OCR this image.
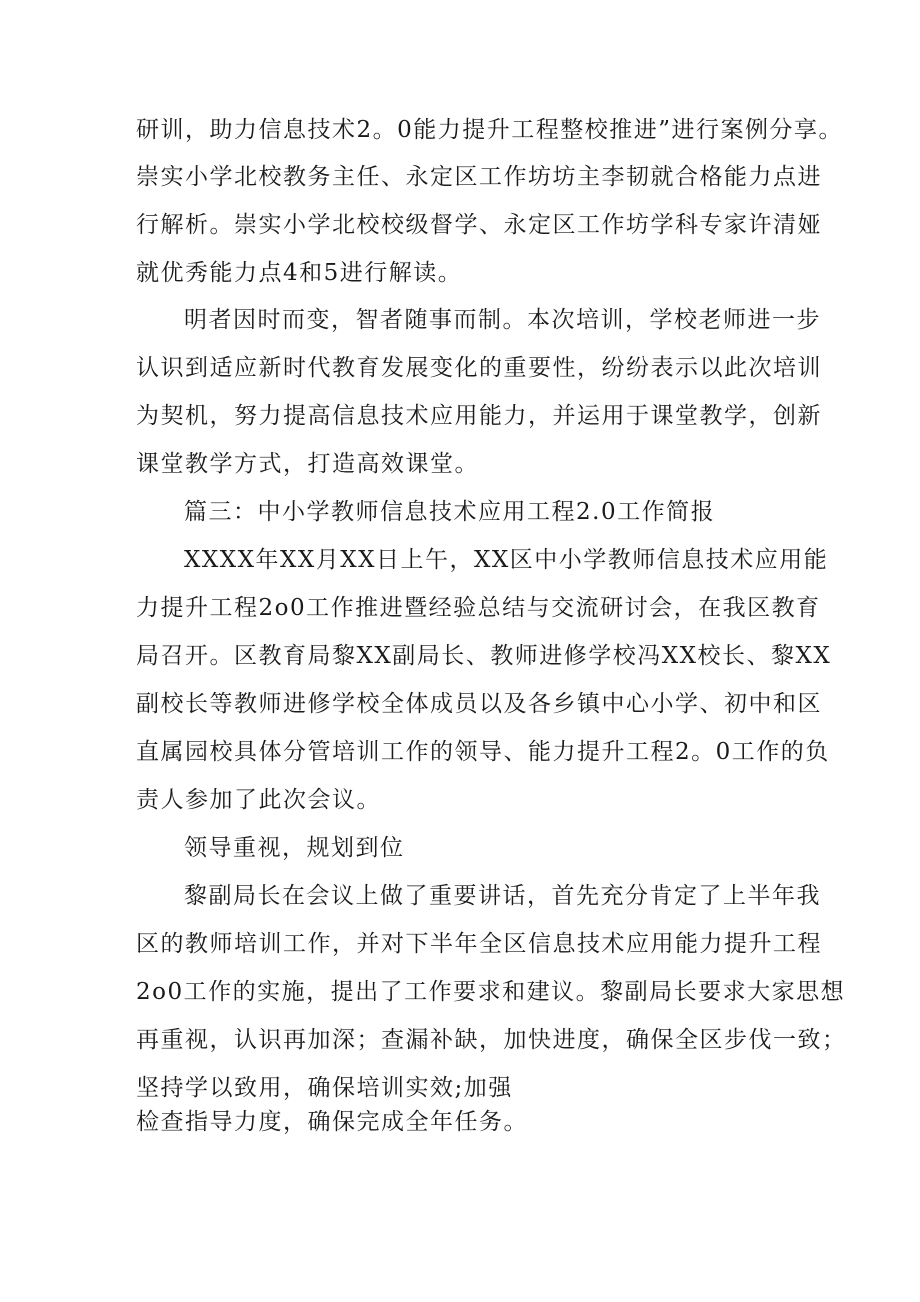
研训，助力信息技术2。0能力提升工程整校推进”进行案例分享。
崇实小学北校教务主任、永定区工作坊坊主李韧就合格能力点进
行解析。崇实小学北校校级督学、永定区工作坊学科专家许清娅
就优秀能力点4和5进行解读。
明者因时而变，智者随事而制。本次培训，学校老师进一步
认识到适应新时代教育发展变化的重要性，纷纷表示以此次培训
为契机，努力提高信息技术应用能力，并运用于课堂教学，创新
课堂教学方式，打造高效课堂。
篇三：中小学教师信息技术应用工程2.0工作简报
XXXX年XX月XX日上午，XX区中小学教师信息技术应用能
力提升工程2o0工作推进暨经验总结与交流研讨会，在我区教育
局召开。区教育局黎XX副局长、教师进修学校冯XX校长、黎XX
副校长等教师进修学校全体成员以及各乡镇中心小学、初中和区
直属园校具体分管培训工作的领导、能力提升工程2。0工作的负
责人参加了此次会议。
领导重视，规划到位
黎副局长在会议上做了重要讲话，首先充分肯定了上半年我
区的教师培训工作，并对下半年全区信息技术应用能力提升工程
2o0工作的实施，提出了工作要求和建议。黎副局长要求大家思想
再重视，认识再加深；查漏补缺，加快进度，确保全区步伐一致；
坚持学以致用，确保培训实效;加强
检查指导力度，确保完成全年任务。
